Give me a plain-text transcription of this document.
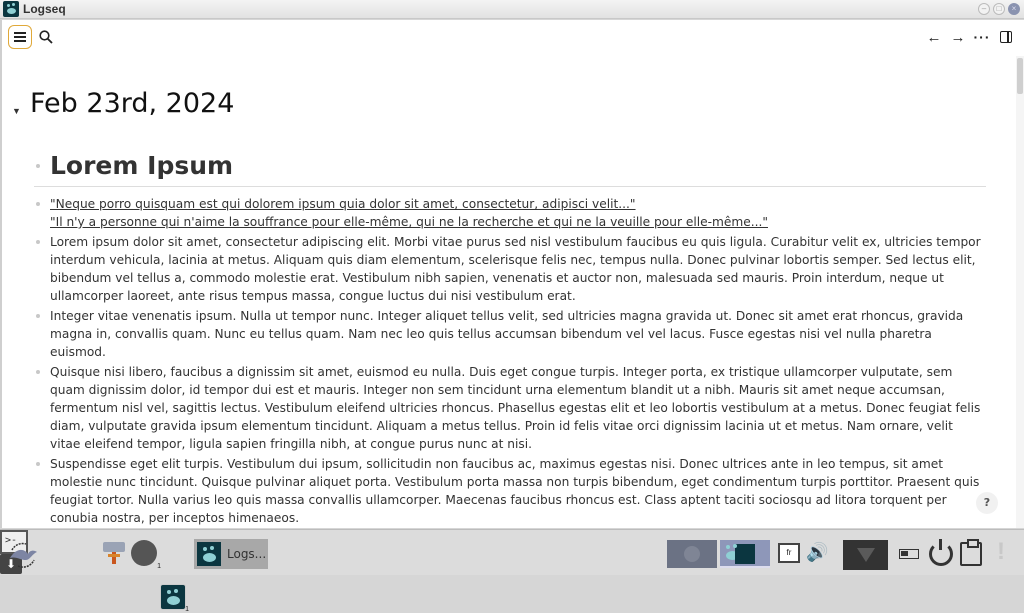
Logseq	–	□	×
← → ···
▼ Feb 23rd, 2024
Lorem Ipsum
"Neque porro quisquam est qui dolorem ipsum quia dolor sit amet, consectetur, adipisci velit..."
"Il n'y a personne qui n'aime la souffrance pour elle-même, qui ne la recherche et qui ne la veuille pour elle-même..."
Lorem ipsum dolor sit amet, consectetur adipiscing elit. Morbi vitae purus sed nisl vestibulum faucibus eu quis ligula. Curabitur velit ex, ultricies tempor interdum vehicula, lacinia at metus. Aliquam quis diam elementum, scelerisque felis nec, tempus nulla. Donec pulvinar lobortis semper. Sed lectus elit, bibendum vel tellus a, commodo molestie erat. Vestibulum nibh sapien, venenatis et auctor non, malesuada sed mauris. Proin interdum, neque ut ullamcorper laoreet, ante risus tempus massa, congue luctus dui nisi vestibulum erat.
Integer vitae venenatis ipsum. Nulla ut tempor nunc. Integer aliquet tellus velit, sed ultricies magna gravida ut. Donec sit amet erat rhoncus, gravida magna in, convallis quam. Nunc eu tellus quam. Nam nec leo quis tellus accumsan bibendum vel vel lacus. Fusce egestas nisi vel nulla pharetra euismod.
Quisque nisi libero, faucibus a dignissim sit amet, euismod eu nulla. Duis eget congue turpis. Integer porta, ex tristique ullamcorper vulputate, sem quam dignissim dolor, id tempor dui est et mauris. Integer non sem tincidunt urna elementum blandit ut a nibh. Mauris sit amet neque accumsan, fermentum nisl vel, sagittis lectus. Vestibulum eleifend ultricies rhoncus. Phasellus egestas elit et leo lobortis vestibulum at a metus. Donec feugiat felis diam, vulputate gravida ipsum elementum tincidunt. Aliquam a metus tellus. Proin id felis vitae orci dignissim lacinia ut et metus. Nam ornare, velit vitae eleifend tempor, ligula sapien fringilla nibh, at congue purus nunc at nisi.
Suspendisse eget elit turpis. Vestibulum dui ipsum, sollicitudin non faucibus ac, maximus egestas nisi. Donec ultrices ante in leo tempus, sit amet molestie nunc tincidunt. Quisque pulvinar aliquet porta. Vestibulum porta massa non turpis bibendum, eget condimentum turpis porttitor. Praesent quis feugiat tortor. Nulla varius leo quis massa convallis ullamcorper. Maecenas faucibus rhoncus est. Class aptent taciti sociosqu ad litora torquent per conubia nostra, per inceptos himenaeos.
?
>-
⬇	1
1
Logs...	fr 🔊	!
